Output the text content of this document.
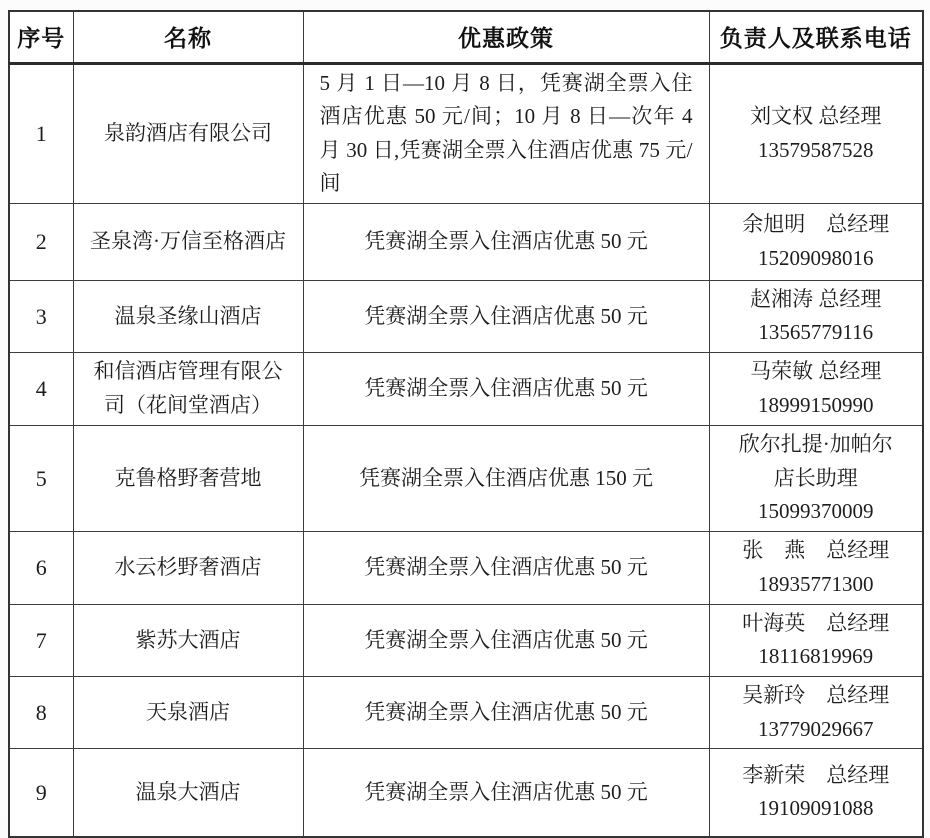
序号	名称	优惠政策	负责人及联系电话
1	泉韵酒店有限公司	5 月 1 日—10 月 8 日，凭赛湖全票入住酒店优惠 50 元/间；10 月 8 日—次年 4 月 30 日,凭赛湖全票入住酒店优惠 75 元/间	刘文权 总经理
13579587528

2	圣泉湾·万信至格酒店	凭赛湖全票入住酒店优惠 50 元	余旭明　总经理
15209098016

3	温泉圣缘山酒店	凭赛湖全票入住酒店优惠 50 元	赵湘涛 总经理
13565779116

4	和信酒店管理有限公司（花间堂酒店）	凭赛湖全票入住酒店优惠 50 元	马荣敏 总经理
18999150990

5	克鲁格野奢营地	凭赛湖全票入住酒店优惠 150 元	欣尔扎提·加帕尔
店长助理
15099370009

6	水云杉野奢酒店	凭赛湖全票入住酒店优惠 50 元	张　燕　总经理
18935771300

7	紫苏大酒店	凭赛湖全票入住酒店优惠 50 元	叶海英　总经理
18116819969

8	天泉酒店	凭赛湖全票入住酒店优惠 50 元	吴新玲　总经理
13779029667

9	温泉大酒店	凭赛湖全票入住酒店优惠 50 元	李新荣　总经理
19109091088
